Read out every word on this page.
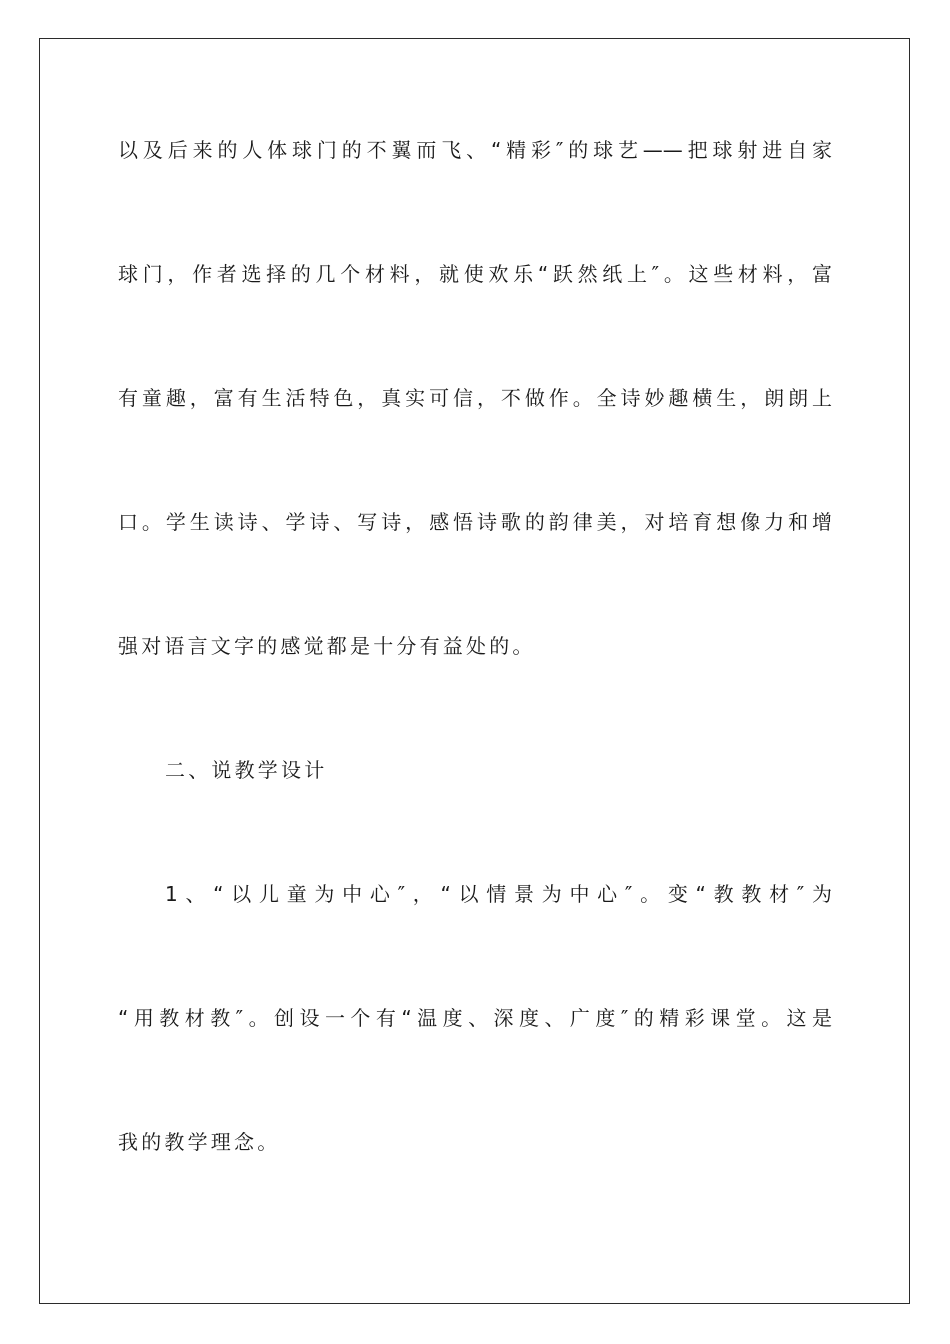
以及后来的人体球门的不翼而飞、“精彩″的球艺——把球射进自家
球门，作者选择的几个材料，就使欢乐“跃然纸上″。这些材料，富
有童趣，富有生活特色，真实可信，不做作。全诗妙趣横生，朗朗上
口。学生读诗、学诗、写诗，感悟诗歌的韵律美，对培育想像力和增
强对语言文字的感觉都是十分有益处的。
二、说教学设计
1、“以儿童为中心″，“以情景为中心″。变“教教材″为
“用教材教″。创设一个有“温度、深度、广度″的精彩课堂。这是
我的教学理念。
